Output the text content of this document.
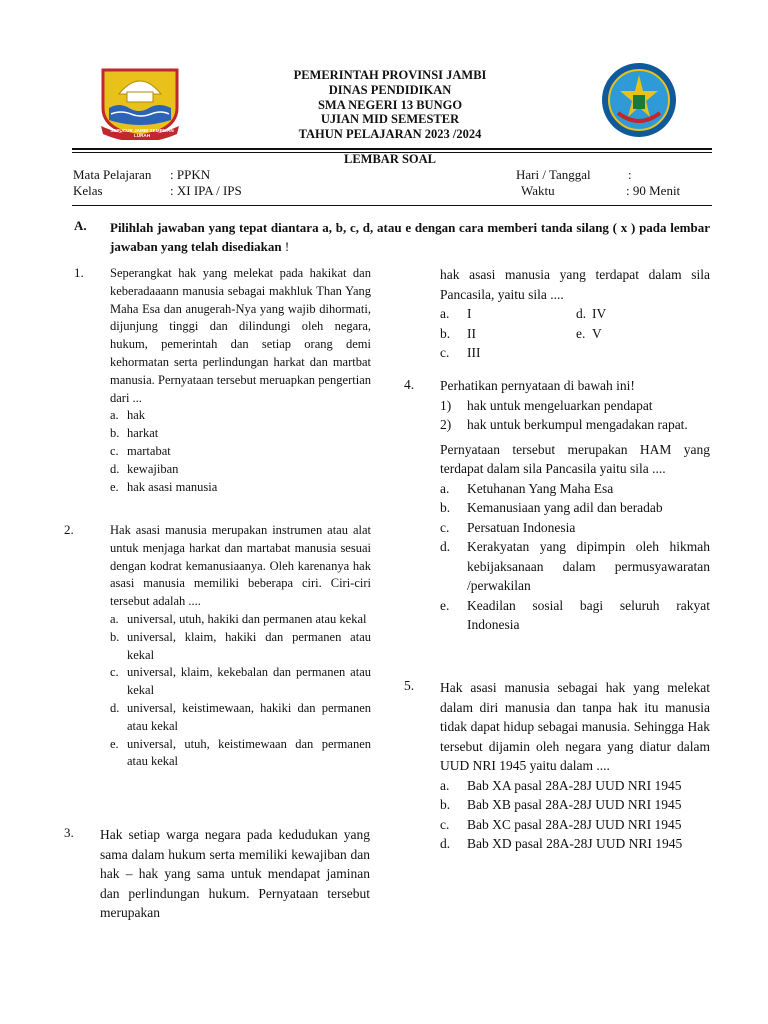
SEPUCUK JAMBI SEMBILAN LURAH
PEMERINTAH PROVINSI JAMBI
DINAS PENDIDIKAN
SMA NEGERI 13 BUNGO
UJIAN MID SEMESTER
TAHUN PELAJARAN 2023 /2024
LEMBAR SOAL
Mata Pelajaran : PPKN
Kelas	: XI IPA / IPS
Hari / Tanggal	:
Waktu	: 90 Menit
A. Pilihlah jawaban yang tepat diantara a, b, c, d, atau e dengan cara memberi tanda silang ( x ) pada lembar jawaban yang telah disediakan !
1. Seperangkat hak yang melekat pada hakikat dan keberadaaann manusia sebagai makhluk Than Yang Maha Esa dan anugerah-Nya yang wajib dihormati, dijunjung tinggi dan dilindungi oleh negara, hukum, pemerintah dan setiap orang demi kehormatan serta perlindungan harkat dan martbat manusia. Pernyataan tersebut meruapkan pengertian dari ...
a. hak
b. harkat
c. martabat
d. kewajiban
e. hak asasi manusia
2.	Hak asasi manusia merupakan instrumen atau alat untuk menjaga harkat dan martabat manusia sesuai dengan kodrat kemanusiaanya. Oleh karenanya hak asasi manusia memiliki beberapa ciri. Ciri-ciri tersebut adalah ....
a. universal, utuh, hakiki dan permanen atau kekal
b. universal, klaim, hakiki dan permanen atau kekal
c. universal, klaim, kekebalan dan permanen atau kekal
d. universal, keistimewaan, hakiki dan permanen atau kekal
e. universal, utuh, keistimewaan dan permanen atau kekal
3. Hak setiap warga negara pada kedudukan yang sama dalam hukum serta memiliki kewajiban dan hak – hak yang sama untuk mendapat jaminan dan perlindungan hukum. Pernyataan tersebut merupakan
hak asasi manusia yang terdapat dalam sila Pancasila, yaitu sila ....
a.	I	d. IV
b.	II	e. V
c.	III
4. Perhatikan pernyataan di bawah ini!
1)	hak untuk mengeluarkan pendapat
2)	hak untuk berkumpul mengadakan rapat.
Pernyataan tersebut merupakan HAM yang terdapat dalam sila Pancasila yaitu sila ....
a.	Ketuhanan Yang Maha Esa
b.	Kemanusiaan yang adil dan beradab
c.	Persatuan Indonesia
d.	Kerakyatan yang dipimpin oleh hikmah kebijaksanaan dalam permusyawaratan /perwakilan
e.	Keadilan sosial bagi seluruh rakyat Indonesia
5. Hak asasi manusia sebagai hak yang melekat dalam diri manusia dan tanpa hak itu manusia tidak dapat hidup sebagai manusia. Sehingga Hak tersebut dijamin oleh negara yang diatur dalam UUD NRI 1945 yaitu dalam ....
a.	Bab XA pasal 28A-28J UUD NRI 1945
b.	Bab XB pasal 28A-28J UUD NRI 1945
c.	Bab XC pasal 28A-28J UUD NRI 1945
d.	Bab XD pasal 28A-28J UUD NRI 1945
